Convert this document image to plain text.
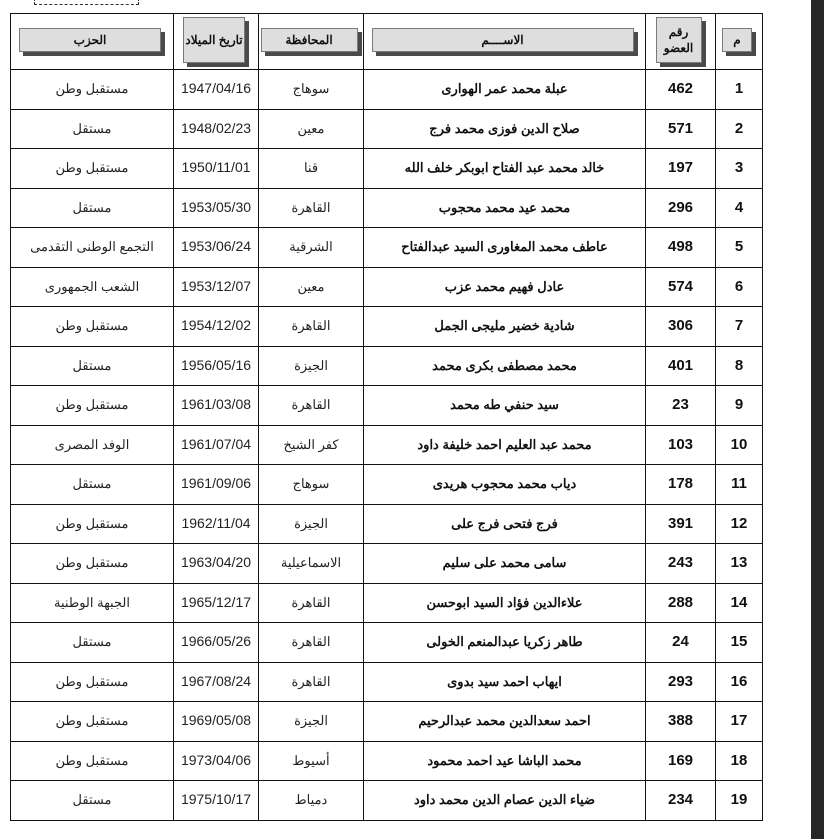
الحزب	تاريخ الميلاد	المحافظة	الاســــم	رقم العضو	م
مستقبل وطن	1947/04/16	سوهاج	عبلة محمد عمر الهوارى	462	1
مستقل	1948/02/23	معين	صلاح الدين فوزى محمد فرج	571	2
مستقبل وطن	1950/11/01	قنا	خالد محمد عبد الفتاح ابوبكر خلف الله	197	3
مستقل	1953/05/30	القاهرة	محمد عيد محمد محجوب	296	4
التجمع الوطنى التقدمى	1953/06/24	الشرقية	عاطف محمد المغاورى السيد عبدالفتاح	498	5
الشعب الجمهورى	1953/12/07	معين	عادل فهيم محمد عزب	574	6
مستقبل وطن	1954/12/02	القاهرة	شادية خضير مليجى الجمل	306	7
مستقل	1956/05/16	الجيزة	محمد مصطفى بكرى محمد	401	8
مستقبل وطن	1961/03/08	القاهرة	سيد حنفي طه محمد	23	9
الوفد المصرى	1961/07/04	كفر الشيخ	محمد عبد العليم احمد خليفة داود	103	10
مستقل	1961/09/06	سوهاج	دياب محمد محجوب هريدى	178	11
مستقبل وطن	1962/11/04	الجيزة	فرج فتحى فرج على	391	12
مستقبل وطن	1963/04/20	الاسماعيلية	سامى محمد على سليم	243	13
الجبهة الوطنية	1965/12/17	القاهرة	علاءالدين فؤاد السيد ابوحسن	288	14
مستقل	1966/05/26	القاهرة	طاهر زكريا عبدالمنعم الخولى	24	15
مستقبل وطن	1967/08/24	القاهرة	ايهاب احمد سيد بدوى	293	16
مستقبل وطن	1969/05/08	الجيزة	احمد سعدالدين محمد عبدالرحيم	388	17
مستقبل وطن	1973/04/06	أسيوط	محمد الباشا عيد احمد محمود	169	18
مستقل	1975/10/17	دمياط	ضياء الدين عصام الدين محمد داود	234	19
